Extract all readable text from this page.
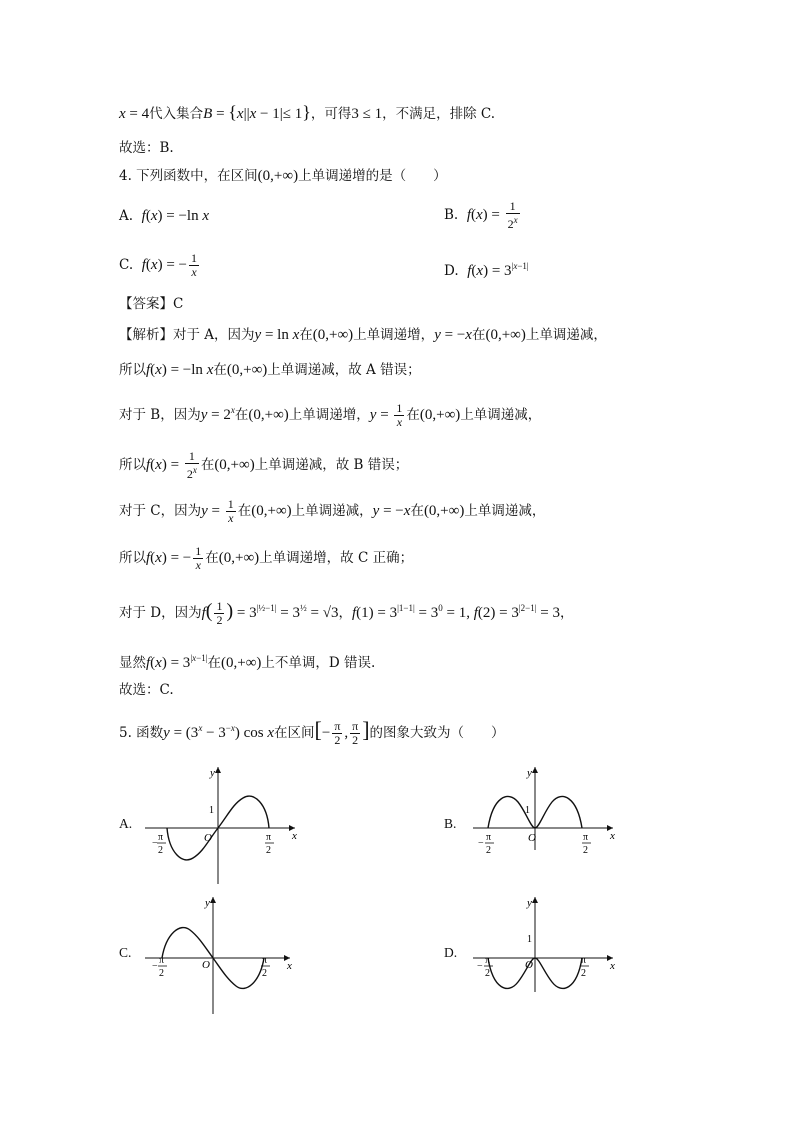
x = 4代入集合B = {x||x − 1|≤ 1}，可得3 ≤ 1，不满足，排除 C.
故选：B.
4. 下列函数中，在区间(0,+∞)上单调递增的是（　　）
A. f(x) = −ln x	B. $f(x) = \frac{1}{2^x}$
C. f(x) = − $\frac{1}{x}$	D. $f(x) = 3^{|x-1|}$
【答案】C
【解析】对于 A，因为y = ln x在(0,+∞)上单调递增，y = −x在(0,+∞)上单调递减，
所以f(x) = −ln x在(0,+∞)上单调递减，故 A 错误；
对于 B，因为$y = 2^x$在(0,+∞)上单调递增，$y = \frac{1}{x}$ 在(0,+∞)上单调递减，
所以$f(x) = \frac{1}{2^x}$ 在(0,+∞)上单调递减，故 B 错误；
对于 C，因为$y = \frac{1}{x}$ 在(0,+∞)上单调递减，y = −x在(0,+∞)上单调递减，
所以f(x) = − $\frac{1}{x}$ 在(0,+∞)上单调递增，故 C 正确；
对于 D，因为$f( \frac{1}{2}$ ) = $3^{|\frac{1}{2}-1|} = 3^{\frac{1}{2}} = √3$，$f(1) = 3^{|1-1|} = 3^0 = 1$, $f(2) = 3^{|2-1|} = 3$，
显然$f(x) = 3^{|x-1|}$在(0,+∞)上不单调，D 错误.
故选：C.
5. 函数$y = (3^x - 3^{-x})$ cos x在区间[− $\frac{\pi}{2}$ , $\frac{\pi}{2}$ ]的图象大致为（　　）
A.
y
x
O
1
−
π
2
π
2
B.
y
x
O
1
−
π
2
π
2
C.
y
x
O
−
π
2
π
2
D.
y
x
O
1
−
π
2
π
2
